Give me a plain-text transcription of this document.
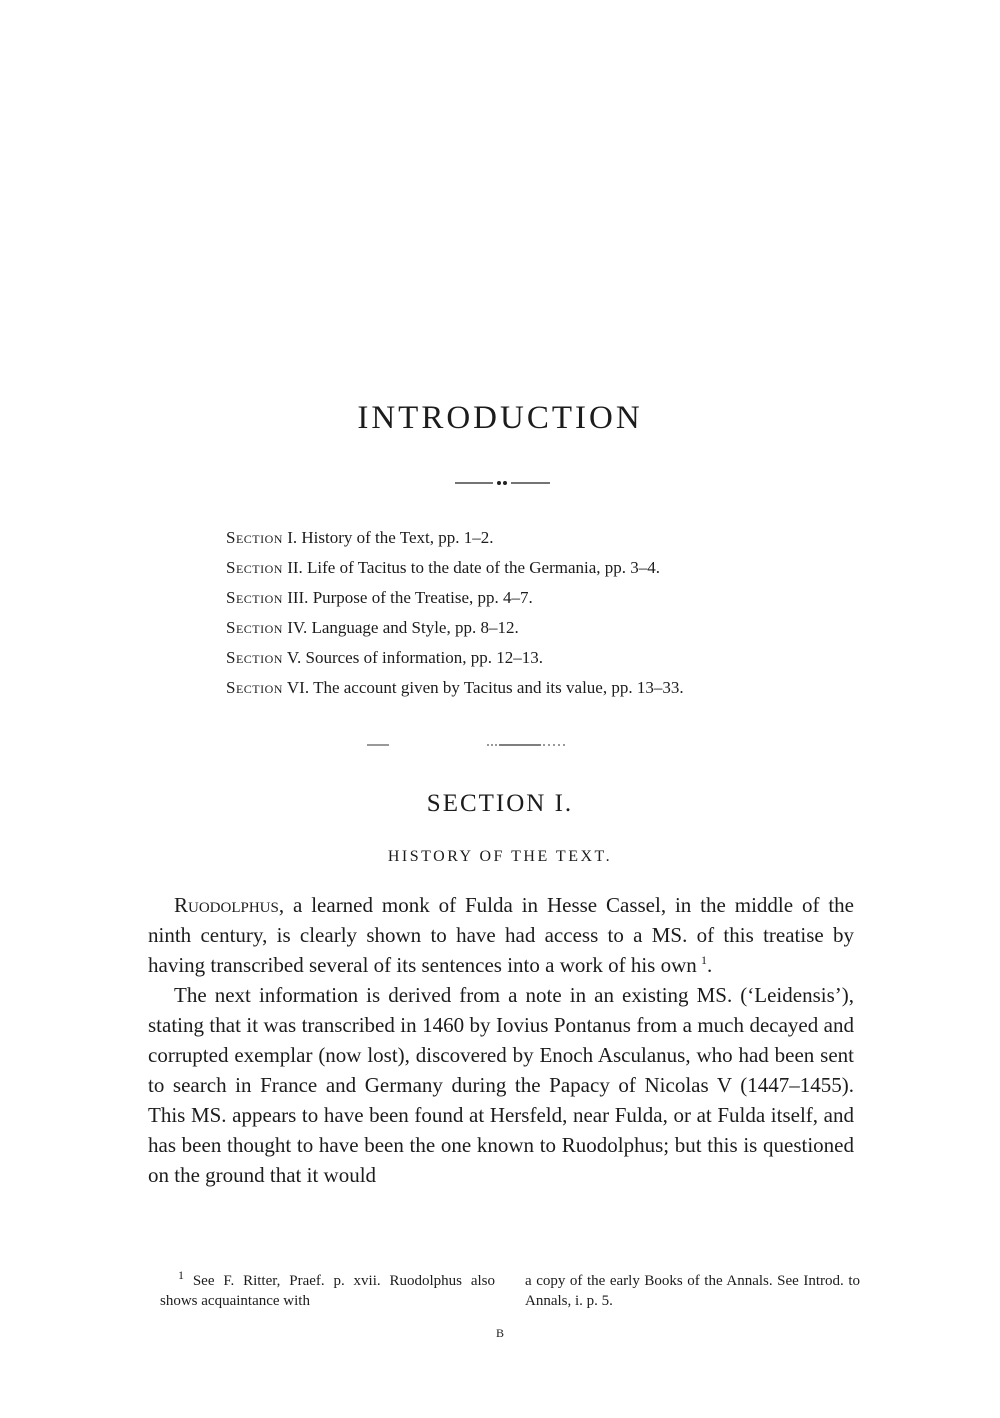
INTRODUCTION
Section I. History of the Text, pp. 1–2.
Section II. Life of Tacitus to the date of the Germania, pp. 3–4.
Section III. Purpose of the Treatise, pp. 4–7.
Section IV. Language and Style, pp. 8–12.
Section V. Sources of information, pp. 12–13.
Section VI. The account given by Tacitus and its value, pp. 13–33.
SECTION I.
HISTORY OF THE TEXT.

Ruodolphus, a learned monk of Fulda in Hesse Cassel, in the middle of the ninth century, is clearly shown to have had access to a MS. of this treatise by having transcribed several of its sentences into a work of his own  $^1$.

The next information is derived from a note in an existing MS. (‘Leidensis’), stating that it was transcribed in 1460 by Iovius Pontanus from a much decayed and corrupted exemplar (now lost), discovered by Enoch Asculanus, who had been sent to search in France and Germany during the Papacy of Nicolas V (1447–1455). This MS. appears to have been found at Hersfeld, near Fulda, or at Fulda itself, and has been thought to have been the one known to Ruodolphus; but this is questioned on the ground that it would

$^1$ See F. Ritter, Praef. p. xvii. Ruodolphus also shows acquaintance with
a copy of the early Books of the Annals. See Introd. to Annals, i. p. 5.
B
